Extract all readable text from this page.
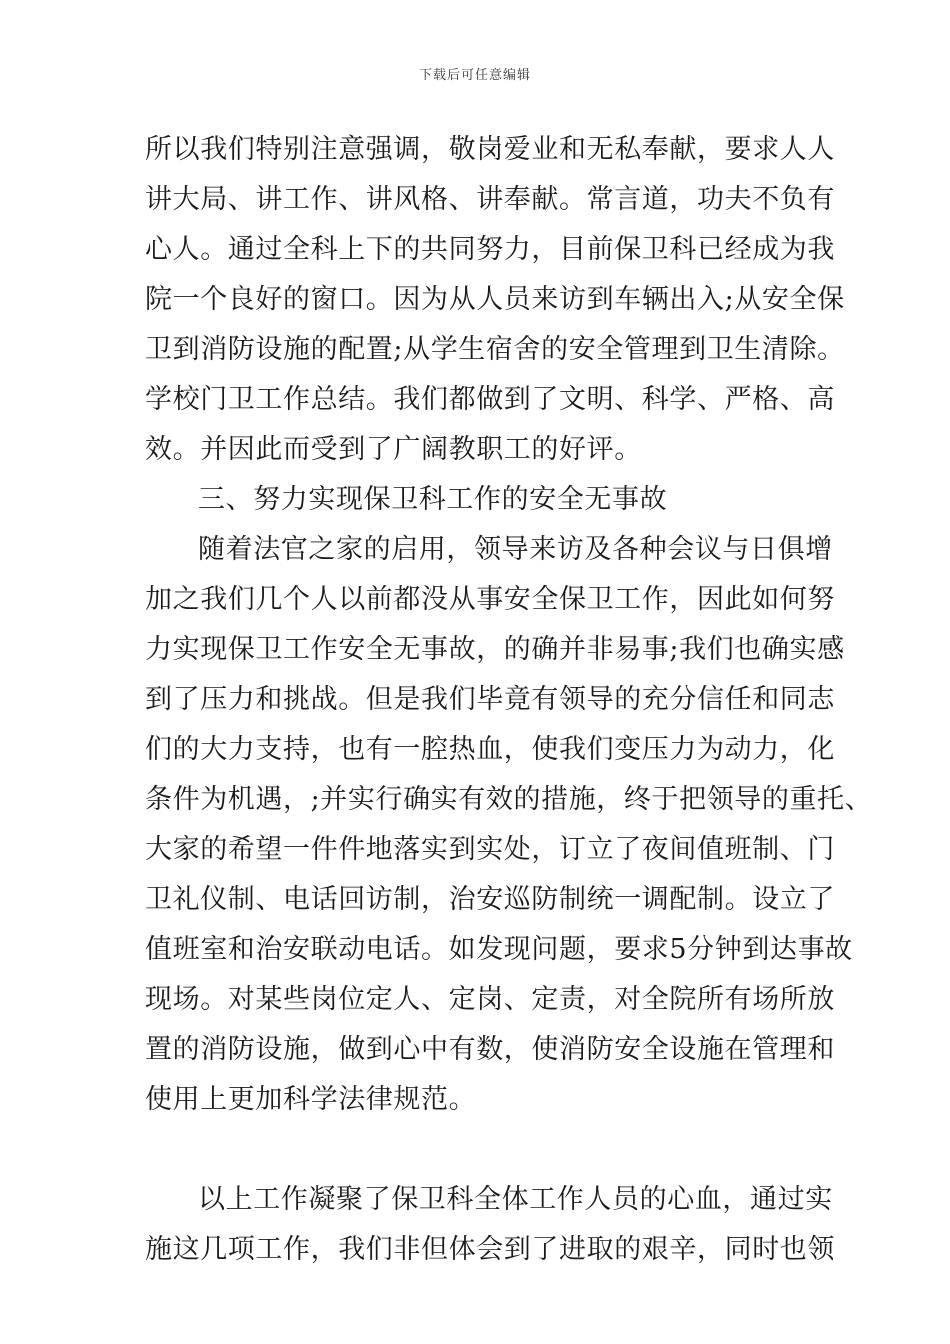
下载后可任意编辑
所以我们特别注意强调，敬岗爱业和无私奉献，要求人人
讲大局、讲工作、讲风格、讲奉献。常言道，功夫不负有
心人。通过全科上下的共同努力，目前保卫科已经成为我
院一个良好的窗口。因为从人员来访到车辆出入;从安全保
卫到消防设施的配置;从学生宿舍的安全管理到卫生清除。
学校门卫工作总结。我们都做到了文明、科学、严格、高
效。并因此而受到了广阔教职工的好评。
三、努力实现保卫科工作的安全无事故
随着法官之家的启用，领导来访及各种会议与日俱增
加之我们几个人以前都没从事安全保卫工作，因此如何努
力实现保卫工作安全无事故，的确并非易事;我们也确实感
到了压力和挑战。但是我们毕竟有领导的充分信任和同志
们的大力支持，也有一腔热血，使我们变压力为动力，化
条件为机遇，;并实行确实有效的措施，终于把领导的重托、
大家的希望一件件地落实到实处，订立了夜间值班制、门
卫礼仪制、电话回访制，治安巡防制统一调配制。设立了
值班室和治安联动电话。如发现问题，要求5分钟到达事故
现场。对某些岗位定人、定岗、定责，对全院所有场所放
置的消防设施，做到心中有数，使消防安全设施在管理和
使用上更加科学法律规范。
以上工作凝聚了保卫科全体工作人员的心血，通过实
施这几项工作，我们非但体会到了进取的艰辛，同时也领
